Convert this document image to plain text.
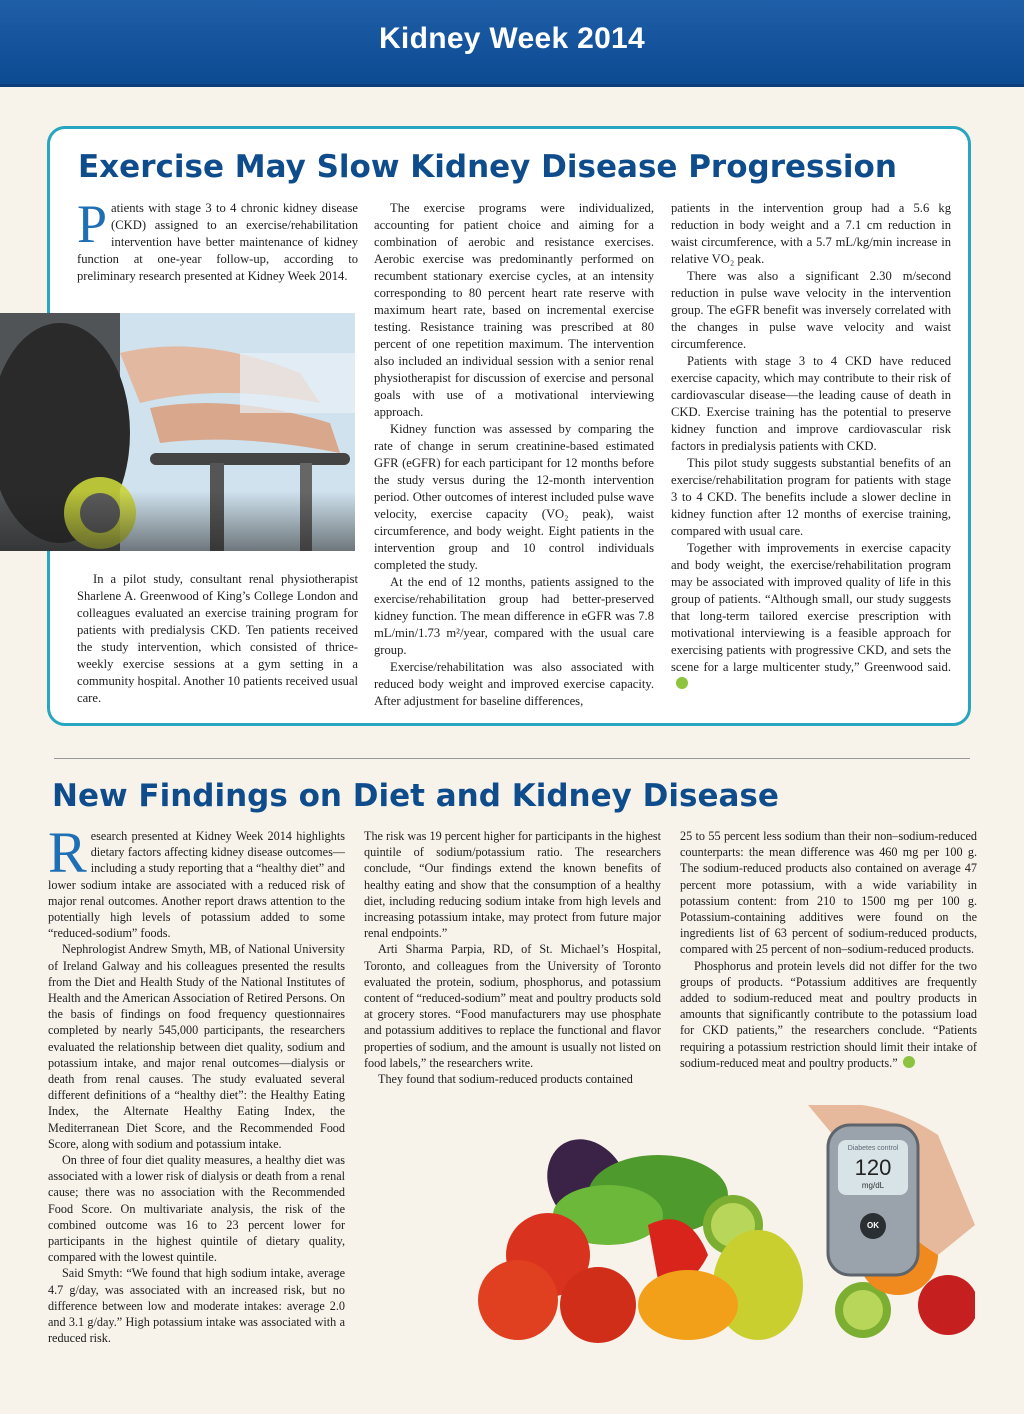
Kidney Week 2014
Exercise May Slow Kidney Disease Progression

Patients with stage 3 to 4 chronic kidney disease (CKD) assigned to an exercise/rehabilitation intervention have better maintenance of kidney function at one-year follow-up, according to preliminary research presented at Kidney Week 2014.

In a pilot study, consultant renal physiotherapist Sharlene A. Greenwood of King’s College London and colleagues evaluated an exercise training program for patients with predialysis CKD. Ten patients received the study intervention, which consisted of thrice-weekly exercise sessions at a gym setting in a community hospital. Another 10 patients received usual care.

The exercise programs were individualized, accounting for patient choice and aiming for a combination of aerobic and resistance exercises. Aerobic exercise was predominantly performed on recumbent stationary exercise cycles, at an intensity corresponding to 80 percent heart rate reserve with maximum heart rate, based on incremental exercise testing. Resistance training was prescribed at 80 percent of one repetition maximum. The intervention also included an individual session with a senior renal physiotherapist for discussion of exercise and personal goals with use of a motivational interviewing approach.

Kidney function was assessed by comparing the rate of change in serum creatinine-based estimated GFR (eGFR) for each participant for 12 months before the study versus during the 12-month intervention period. Other outcomes of interest included pulse wave velocity, exercise capacity (VO₂ peak), waist circumference, and body weight. Eight patients in the intervention group and 10 control individuals completed the study.

At the end of 12 months, patients assigned to the exercise/rehabilitation group had better-preserved kidney function. The mean difference in eGFR was 7.8 mL/min/1.73 m²/year, compared with the usual care group.

Exercise/rehabilitation was also associated with reduced body weight and improved exercise capacity. After adjustment for baseline differences,

patients in the intervention group had a 5.6 kg reduction in body weight and a 7.1 cm reduction in waist circumference, with a 5.7 mL/kg/min increase in relative VO₂ peak.

There was also a significant 2.30 m/second reduction in pulse wave velocity in the intervention group. The eGFR benefit was inversely correlated with the changes in pulse wave velocity and waist circumference.

Patients with stage 3 to 4 CKD have reduced exercise capacity, which may contribute to their risk of cardiovascular disease—the leading cause of death in CKD. Exercise training has the potential to preserve kidney function and improve cardiovascular risk factors in predialysis patients with CKD.

This pilot study suggests substantial benefits of an exercise/rehabilitation program for patients with stage 3 to 4 CKD. The benefits include a slower decline in kidney function after 12 months of exercise training, compared with usual care.

Together with improvements in exercise capacity and body weight, the exercise/rehabilitation program may be associated with improved quality of life in this group of patients. “Although small, our study suggests that long-term tailored exercise prescription with motivational interviewing is a feasible approach for exercising patients with progressive CKD, and sets the scene for a large multicenter study,” Greenwood said.

New Findings on Diet and Kidney Disease

Research presented at Kidney Week 2014 highlights dietary factors affecting kidney disease outcomes—including a study reporting that a “healthy diet” and lower sodium intake are associated with a reduced risk of major renal outcomes. Another report draws attention to the potentially high levels of potassium added to some “reduced-sodium” foods.

Nephrologist Andrew Smyth, MB, of National University of Ireland Galway and his colleagues presented the results from the Diet and Health Study of the National Institutes of Health and the American Association of Retired Persons. On the basis of findings on food frequency questionnaires completed by nearly 545,000 participants, the researchers evaluated the relationship between diet quality, sodium and potassium intake, and major renal outcomes—dialysis or death from renal causes. The study evaluated several different definitions of a “healthy diet”: the Healthy Eating Index, the Alternate Healthy Eating Index, the Mediterranean Diet Score, and the Recommended Food Score, along with sodium and potassium intake.

On three of four diet quality measures, a healthy diet was associated with a lower risk of dialysis or death from a renal cause; there was no association with the Recommended Food Score. On multivariate analysis, the risk of the combined outcome was 16 to 23 percent lower for participants in the highest quintile of dietary quality, compared with the lowest quintile.

Said Smyth: “We found that high sodium intake, average 4.7 g/day, was associated with an increased risk, but no difference between low and moderate intakes: average 2.0 and 3.1 g/day.” High potassium intake was associated with a reduced risk.

The risk was 19 percent higher for participants in the highest quintile of sodium/potassium ratio. The researchers conclude, “Our findings extend the known benefits of healthy eating and show that the consumption of a healthy diet, including reducing sodium intake from high levels and increasing potassium intake, may protect from future major renal endpoints.”

Arti Sharma Parpia, RD, of St. Michael’s Hospital, Toronto, and colleagues from the University of Toronto evaluated the protein, sodium, phosphorus, and potassium content of “reduced-sodium” meat and poultry products sold at grocery stores. “Food manufacturers may use phosphate and potassium additives to replace the functional and flavor properties of sodium, and the amount is usually not listed on food labels,” the researchers write.

They found that sodium-reduced products contained

25 to 55 percent less sodium than their non–sodium-reduced counterparts: the mean difference was 460 mg per 100 g. The sodium-reduced products also contained on average 47 percent more potassium, with a wide variability in potassium content: from 210 to 1500 mg per 100 g. Potassium-containing additives were found on the ingredients list of 63 percent of sodium-reduced products, compared with 25 percent of non–sodium-reduced products.

Phosphorus and protein levels did not differ for the two groups of products. “Potassium additives are frequently added to sodium-reduced meat and poultry products in amounts that significantly contribute to the potassium load for CKD patients,” the researchers conclude. “Patients requiring a potassium restriction should limit their intake of sodium-reduced meat and poultry products.”

Diabetes control
120
mg/dL
OK
